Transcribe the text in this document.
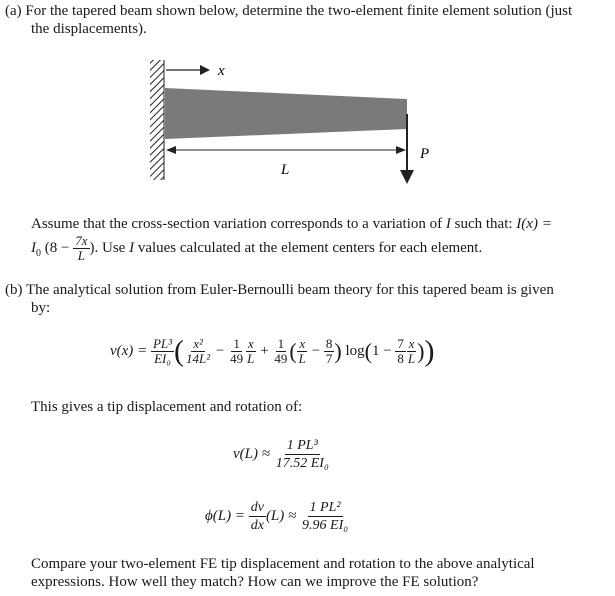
(a) For the tapered beam shown below, determine the two-element finite element solution (just
the displacements).
x
L
P
Assume that the cross-section variation corresponds to a variation of I such that: I(x) =
$I_0$ ($8 - \frac{7x}{L}$ ). Use I values calculated at the element centers for each element.
(b) The analytical solution from Euler-Bernoulli beam theory for this tapered beam is given
by:
$v(x) = \frac{\text{PL³}}{\text{EI₀}}$ ( $\frac{\text{x²}}{\text{14L²}} - \frac{1}{49} \frac{x}{L} + \frac{1}{49}$ ( $\frac{x}{L} - \frac{8}{7}$ ) $\log(1 - \frac{7}{8} \frac{x}{L}$ ))
This gives a tip displacement and rotation of:
$v(L) \approx \frac{\text{1 PL³}}{\text{17.52 EI₀}}$
$\phi(L) = \frac{dv}{dx} (L) \approx \frac{\text{1 PL²}}{\text{9.96 EI₀}}$
Compare your two-element FE tip displacement and rotation to the above analytical
expressions. How well they match? How can we improve the FE solution?
